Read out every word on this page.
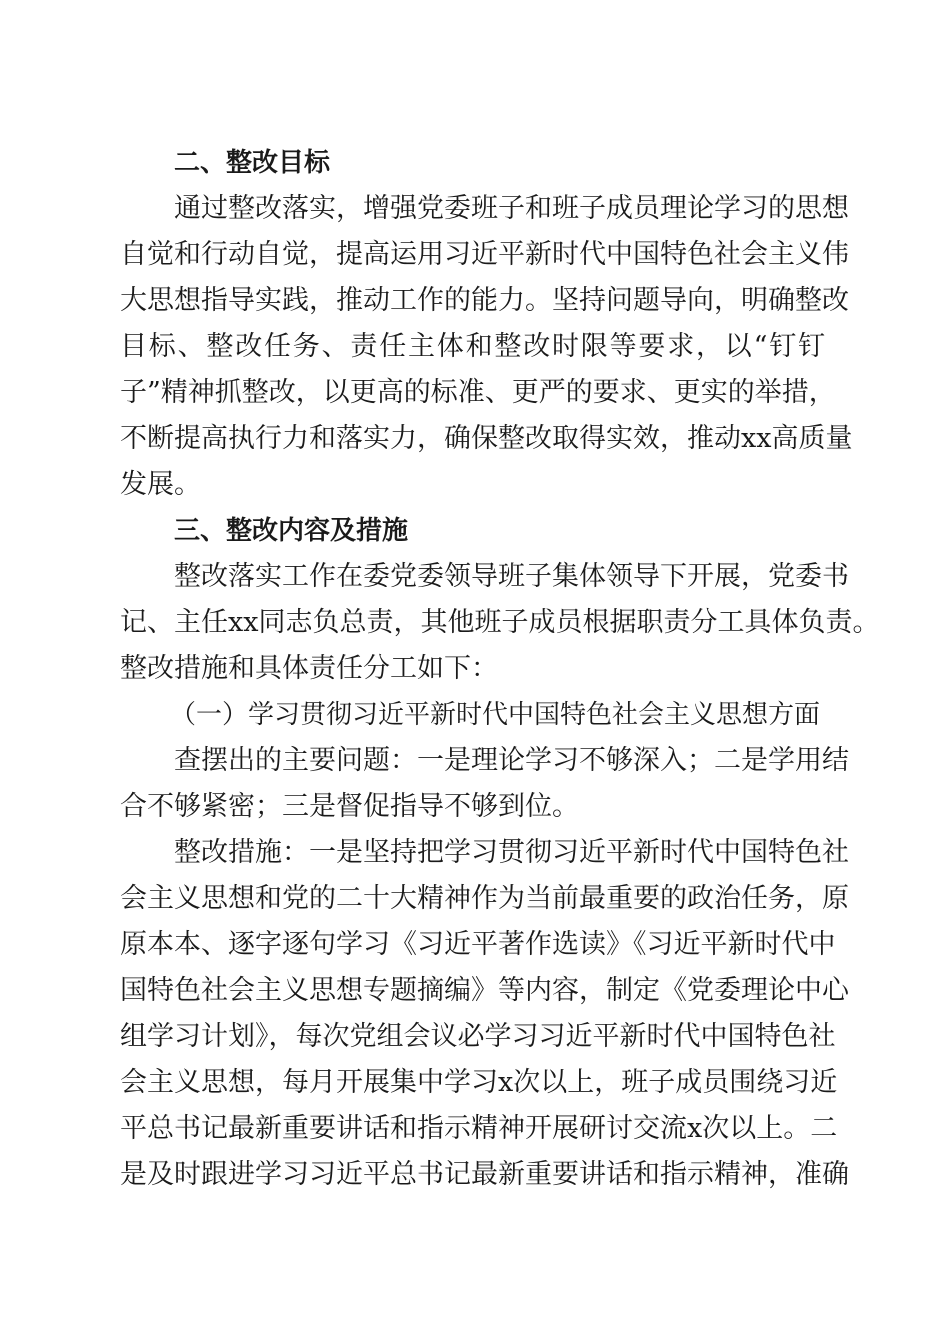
二、整改目标
通过整改落实，增强党委班子和班子成员理论学习的思想
自觉和行动自觉，提高运用习近平新时代中国特色社会主义伟
大思想指导实践，推动工作的能力。坚持问题导向，明确整改
目标、整改任务、责任主体和整改时限等要求，以“钉钉
子”精神抓整改，以更高的标准、更严的要求、更实的举措，
不断提高执行力和落实力，确保整改取得实效，推动xx高质量
发展。
三、整改内容及措施
整改落实工作在委党委领导班子集体领导下开展，党委书
记、主任xx同志负总责，其他班子成员根据职责分工具体负责。
整改措施和具体责任分工如下：
（一）学习贯彻习近平新时代中国特色社会主义思想方面
查摆出的主要问题：一是理论学习不够深入；二是学用结
合不够紧密；三是督促指导不够到位。
整改措施：一是坚持把学习贯彻习近平新时代中国特色社
会主义思想和党的二十大精神作为当前最重要的政治任务，原
原本本、逐字逐句学习《习近平著作选读》《习近平新时代中
国特色社会主义思想专题摘编》等内容，制定《党委理论中心
组学习计划》，每次党组会议必学习习近平新时代中国特色社
会主义思想，每月开展集中学习x次以上，班子成员围绕习近
平总书记最新重要讲话和指示精神开展研讨交流x次以上。二
是及时跟进学习习近平总书记最新重要讲话和指示精神，准确
